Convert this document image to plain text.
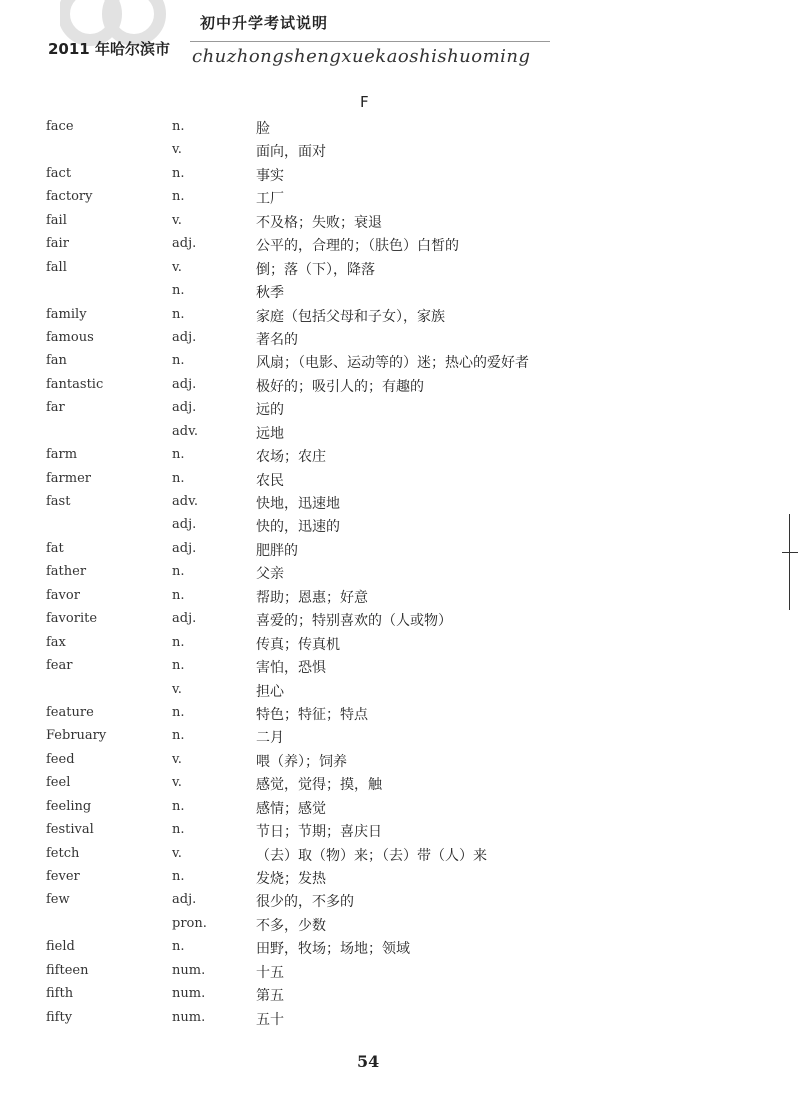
2011 年哈尔滨市
初中升学考试说明
chuzhongshengxuekaoshishuoming
F
face	n.	脸
v.	面向，面对
fact	n.	事实
factory	n.	工厂
fail	v.	不及格；失败；衰退
fair	adj.	公平的，合理的；（肤色）白皙的
fall	v.	倒；落（下），降落
n.	秋季
family	n.	家庭（包括父母和子女），家族
famous	adj.	著名的
fan	n.	风扇；（电影、运动等的）迷；热心的爱好者
fantastic	adj.	极好的；吸引人的；有趣的
far	adj.	远的
adv.	远地
farm	n.	农场；农庄
farmer	n.	农民
fast	adv.	快地，迅速地
adj.	快的，迅速的
fat	adj.	肥胖的
father	n.	父亲
favor	n.	帮助；恩惠；好意
favorite	adj.	喜爱的；特别喜欢的（人或物）
fax	n.	传真；传真机
fear	n.	害怕，恐惧
v.	担心
feature	n.	特色；特征；特点
February	n.	二月
feed	v.	喂（养）；饲养
feel	v.	感觉，觉得；摸，触
feeling	n.	感情；感觉
festival	n.	节日；节期；喜庆日
fetch	v.	（去）取（物）来；（去）带（人）来
fever	n.	发烧；发热
few	adj.	很少的，不多的
pron.	不多，少数
field	n.	田野，牧场；场地；领域
fifteen	num.	十五
fifth	num.	第五
fifty	num.	五十
54
